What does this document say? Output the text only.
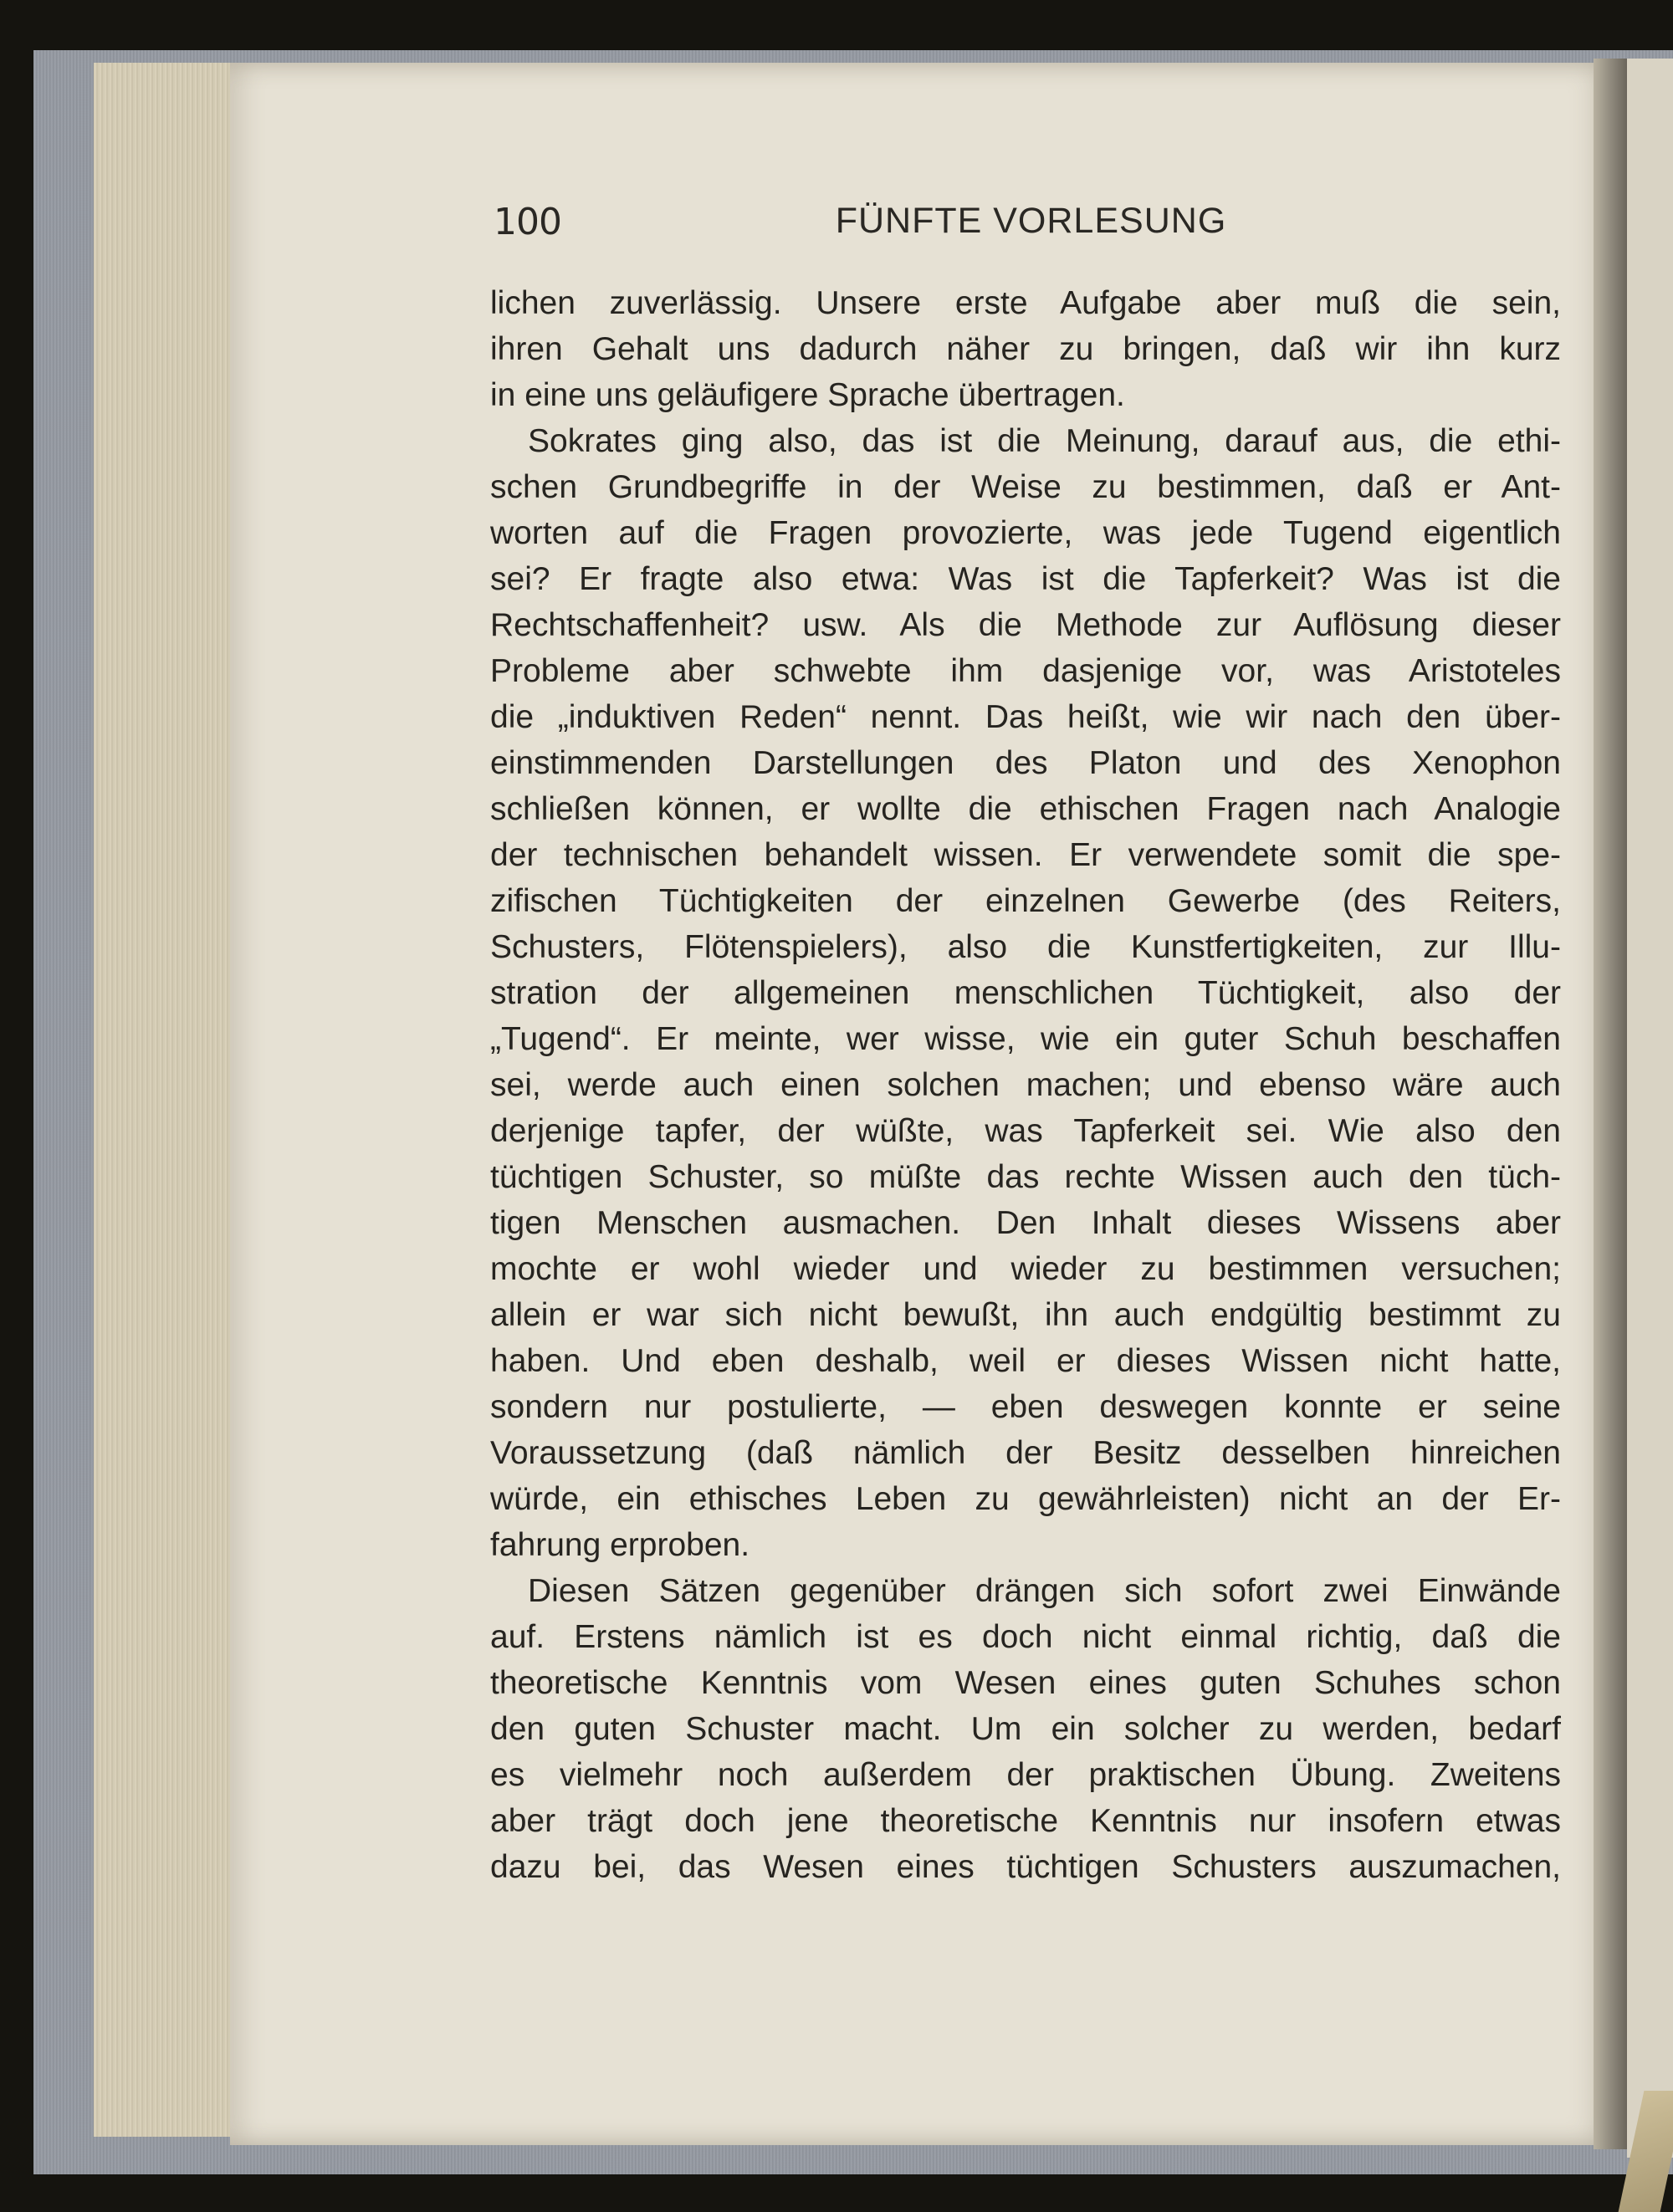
100	FÜNFTE VORLESUNG
lichen zuverlässig. Unsere erste Aufgabe aber muß die sein,
ihren Gehalt uns dadurch näher zu bringen, daß wir ihn kurz
in eine uns geläufigere Sprache übertragen.
Sokrates ging also, das ist die Meinung, darauf aus, die ethi-
schen Grundbegriffe in der Weise zu bestimmen, daß er Ant-
worten auf die Fragen provozierte, was jede Tugend eigentlich
sei? Er fragte also etwa: Was ist die Tapferkeit? Was ist die
Rechtschaffenheit? usw. Als die Methode zur Auflösung dieser
Probleme aber schwebte ihm dasjenige vor, was Aristoteles
die „induktiven Reden“ nennt. Das heißt, wie wir nach den über-
einstimmenden Darstellungen des Platon und des Xenophon
schließen können, er wollte die ethischen Fragen nach Analogie
der technischen behandelt wissen. Er verwendete somit die spe-
zifischen Tüchtigkeiten der einzelnen Gewerbe (des Reiters,
Schusters, Flötenspielers), also die Kunstfertigkeiten, zur Illu-
stration der allgemeinen menschlichen Tüchtigkeit, also der
„Tugend“. Er meinte, wer wisse, wie ein guter Schuh beschaffen
sei, werde auch einen solchen machen; und ebenso wäre auch
derjenige tapfer, der wüßte, was Tapferkeit sei. Wie also den
tüchtigen Schuster, so müßte das rechte Wissen auch den tüch-
tigen Menschen ausmachen. Den Inhalt dieses Wissens aber
mochte er wohl wieder und wieder zu bestimmen versuchen;
allein er war sich nicht bewußt, ihn auch endgültig bestimmt zu
haben. Und eben deshalb, weil er dieses Wissen nicht hatte,
sondern nur postulierte, — eben deswegen konnte er seine
Voraussetzung (daß nämlich der Besitz desselben hinreichen
würde, ein ethisches Leben zu gewährleisten) nicht an der Er-
fahrung erproben.
Diesen Sätzen gegenüber drängen sich sofort zwei Einwände
auf. Erstens nämlich ist es doch nicht einmal richtig, daß die
theoretische Kenntnis vom Wesen eines guten Schuhes schon
den guten Schuster macht. Um ein solcher zu werden, bedarf
es vielmehr noch außerdem der praktischen Übung. Zweitens
aber trägt doch jene theoretische Kenntnis nur insofern etwas
dazu bei, das Wesen eines tüchtigen Schusters auszumachen,
